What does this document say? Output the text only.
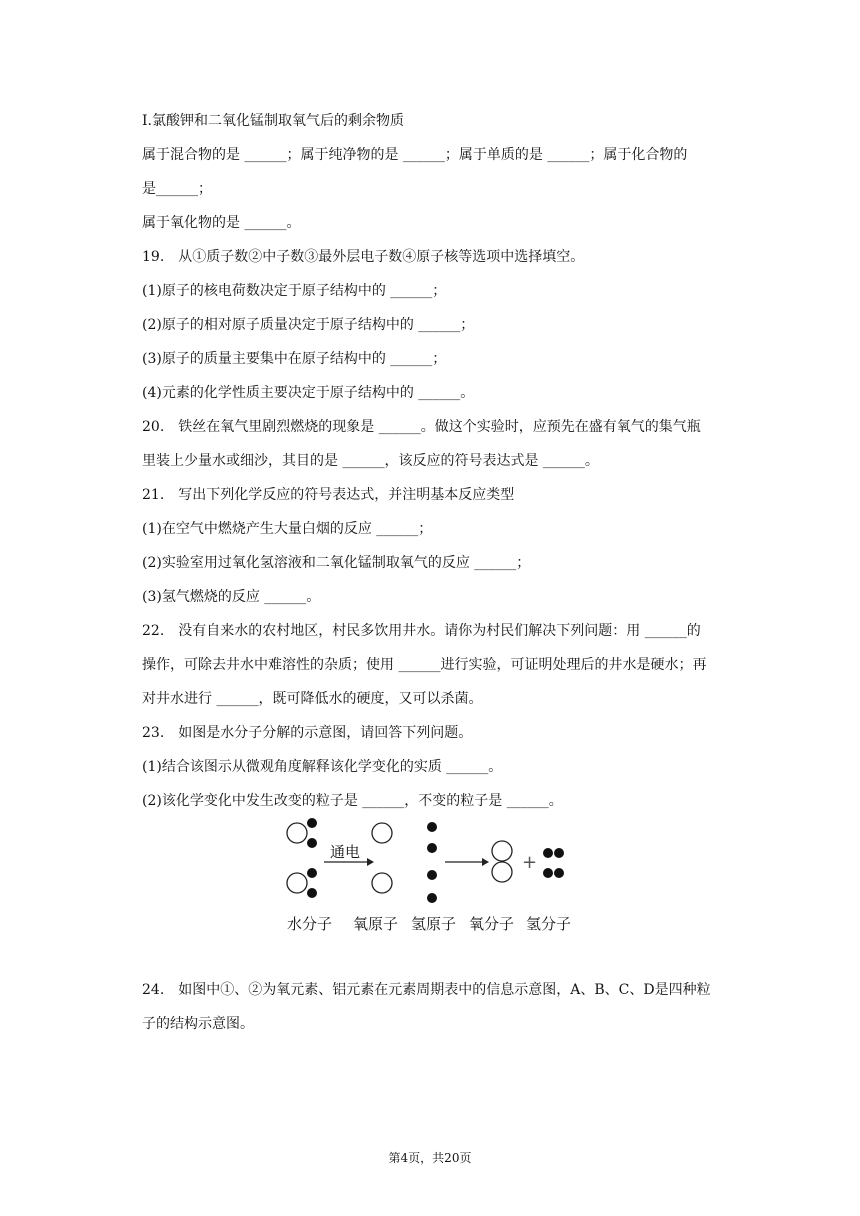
I.氯酸钾和二氧化锰制取氧气后的剩余物质
属于混合物的是 ______；属于纯净物的是 ______；属于单质的是 ______；属于化合物的
是______；
属于氧化物的是 ______。
19.　从①质子数②中子数③最外层电子数④原子核等选项中选择填空。
(1)原子的核电荷数决定于原子结构中的 ______；
(2)原子的相对原子质量决定于原子结构中的 ______；
(3)原子的质量主要集中在原子结构中的 ______；
(4)元素的化学性质主要决定于原子结构中的 ______。
20.　铁丝在氧气里剧烈燃烧的现象是 ______。做这个实验时，应预先在盛有氧气的集气瓶
里装上少量水或细沙，其目的是 ______，该反应的符号表达式是 ______。
21.　写出下列化学反应的符号表达式，并注明基本反应类型
(1)在空气中燃烧产生大量白烟的反应 ______；
(2)实验室用过氧化氢溶液和二氧化锰制取氧气的反应 ______；
(3)氢气燃烧的反应 ______。
22.　没有自来水的农村地区，村民多饮用井水。请你为村民们解决下列问题：用 ______的
操作，可除去井水中难溶性的杂质；使用 ______进行实验，可证明处理后的井水是硬水；再
对井水进行 ______，既可降低水的硬度，又可以杀菌。
23.　如图是水分子分解的示意图，请回答下列问题。
(1)结合该图示从微观角度解释该化学变化的实质 ______。
(2)该化学变化中发生改变的粒子是 ______，不变的粒子是 ______。
24.　如图中①、②为氧元素、铝元素在元素周期表中的信息示意图，A、B、C、D是四种粒
子的结构示意图。
通电	+
水分子 氧原子 氢原子 氧分子 氢分子
第4页，共20页
